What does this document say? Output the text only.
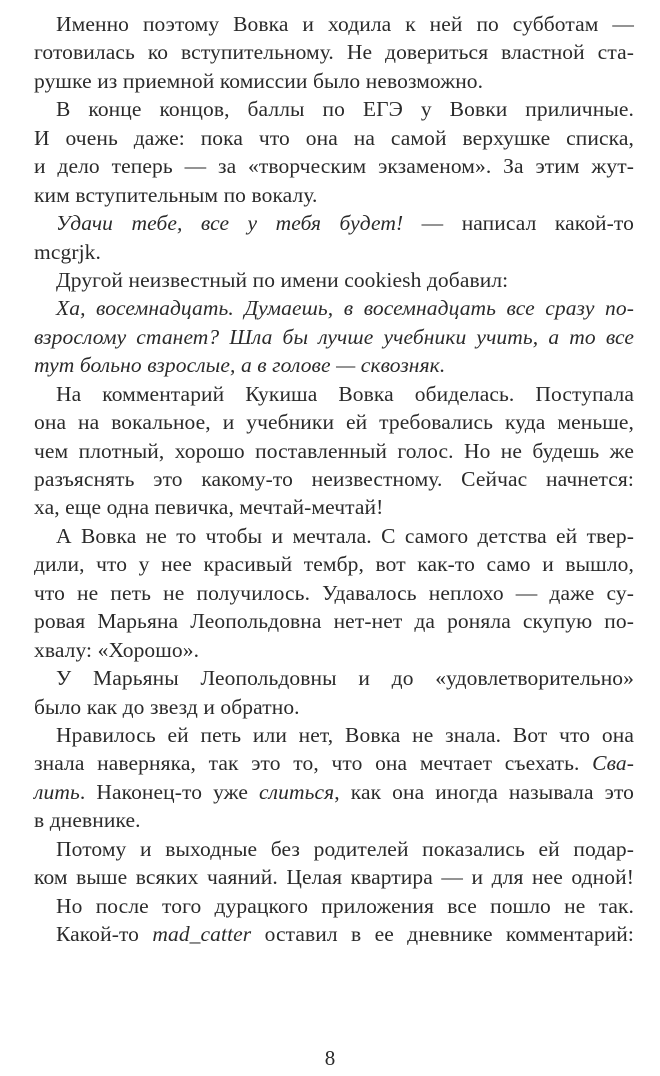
Именно поэтому Вовка и ходила к ней по субботам —
готовилась ко вступительному. Не довериться властной ста-
рушке из приемной комиссии было невозможно.
В конце концов, баллы по ЕГЭ у Вовки приличные.
И очень даже: пока что она на самой верхушке списка,
и дело теперь — за «творческим экзаменом». За этим жут-
ким вступительным по вокалу.
Удачи тебе, все у тебя будет! — написал какой-то
mcgrjk.
Другой неизвестный по имени cookiesh добавил:
Ха, восемнадцать. Думаешь, в восемнадцать все сразу по-
взрослому станет? Шла бы лучше учебники учить, а то все
тут больно взрослые, а в голове — сквозняк.
На комментарий Кукиша Вовка обиделась. Поступала
она на вокальное, и учебники ей требовались куда меньше,
чем плотный, хорошо поставленный голос. Но не будешь же
разъяснять это какому-то неизвестному. Сейчас начнется:
ха, еще одна певичка, мечтай-мечтай!
А Вовка не то чтобы и мечтала. С самого детства ей твер-
дили, что у нее красивый тембр, вот как-то само и вышло,
что не петь не получилось. Удавалось неплохо — даже су-
ровая Марьяна Леопольдовна нет-нет да роняла скупую по-
хвалу: «Хорошо».
У Марьяны Леопольдовны и до «удовлетворительно»
было как до звезд и обратно.
Нравилось ей петь или нет, Вовка не знала. Вот что она
знала наверняка, так это то, что она мечтает съехать. Сва-
лить. Наконец-то уже слиться, как она иногда называла это
в дневнике.
Потому и выходные без родителей показались ей подар-
ком выше всяких чаяний. Целая квартира — и для нее одной!
Но после того дурацкого приложения все пошло не так.
Какой-то mad_catter оставил в ее дневнике комментарий:
8
